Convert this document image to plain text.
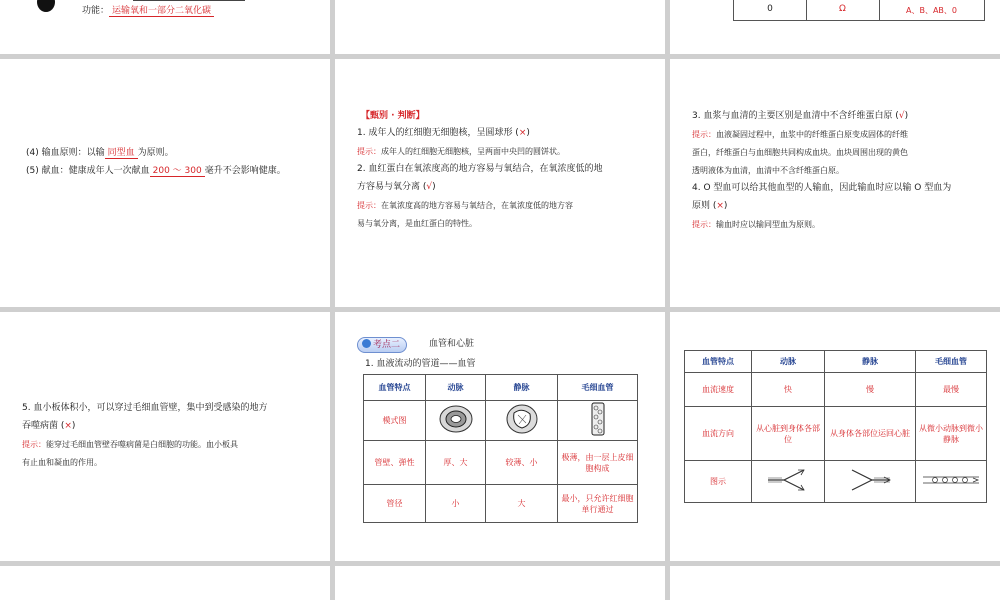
功能： 运输氧和一部分二氧化碳	0	Ω	A、B、AB、0
(4) 输血原则：以输 同型血 为原则。
(5) 献血：健康成年人一次献血 200 ～ 300 毫升不会影响健康。
【甄别 · 判断】
1. 成年人的红细胞无细胞核，呈圆球形 (×)
提示：成年人的红细胞无细胞核，呈两面中央凹的圆饼状。
2. 血红蛋白在氧浓度高的地方容易与氧结合，在氧浓度低的地
方容易与氧分离 (√)
提示：在氧浓度高的地方容易与氧结合，在氧浓度低的地方容
易与氧分离，是血红蛋白的特性。
3. 血浆与血清的主要区别是血清中不含纤维蛋白原 (√)
提示：血液凝固过程中，血浆中的纤维蛋白原变成固体的纤维
蛋白，纤维蛋白与血细胞共同构成血块。血块周围出现的黄色
透明液体为血清，血清中不含纤维蛋白原。
4. O 型血可以给其他血型的人输血，因此输血时应以输 O 型血为
原则 (×)
提示：输血时应以输同型血为原则。
5. 血小板体积小，可以穿过毛细血管壁，集中到受感染的地方
吞噬病菌 (×)
提示：能穿过毛细血管壁吞噬病菌是白细胞的功能。血小板具
有止血和凝血的作用。
考点二	血管和心脏
1. 血液流动的管道——血管
血管特点	动脉	静脉	毛细血管
模式图			
管壁、弹性	厚、大	较薄、小	极薄，由一层上皮细胞构成
管径	小	大	最小，只允许红细胞单行通过
血管特点	动脉	静脉	毛细血管
血流速度	快	慢	最慢
血流方向	从心脏到身体各部位	从身体各部位运回心脏	从微小动脉到微小静脉
图示			
